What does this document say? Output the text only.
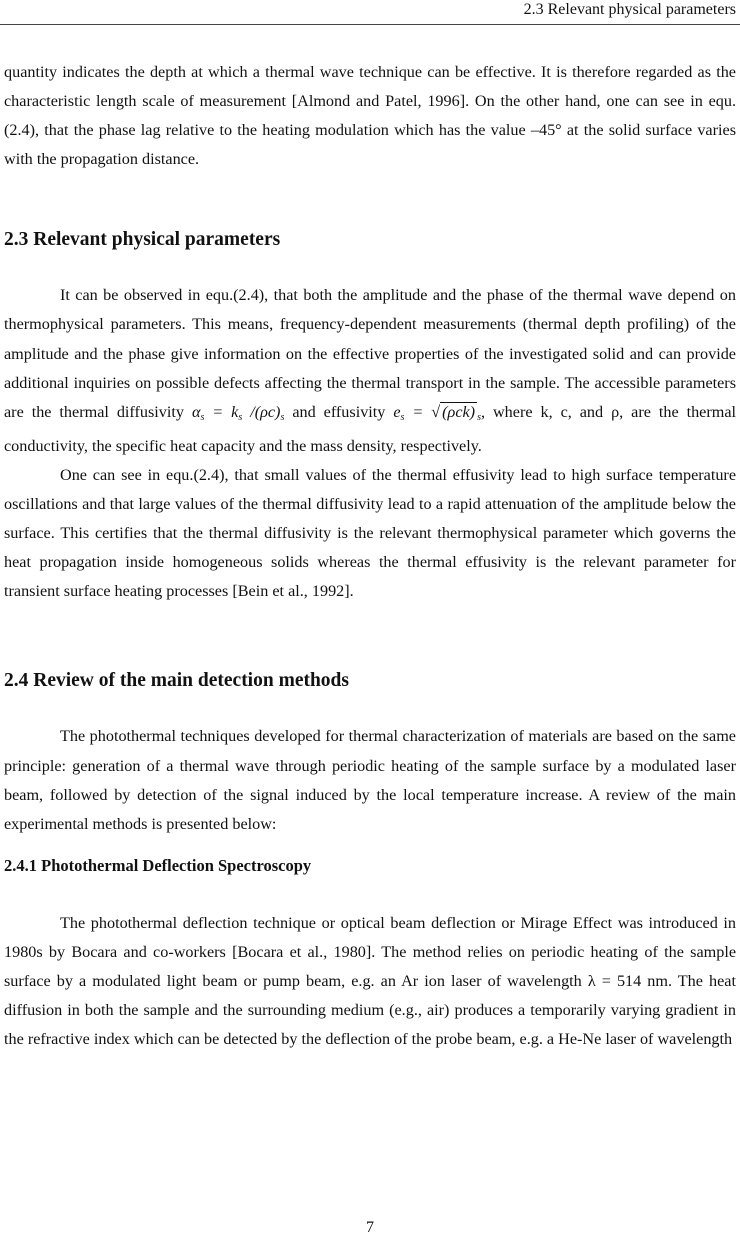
2.3 Relevant physical parameters

quantity indicates the depth at which a thermal wave technique can be effective. It is therefore regarded as the characteristic length scale of measurement [Almond and Patel, 1996]. On the other hand, one can see in equ.(2.4), that the phase lag relative to the heating modulation which has the value –45° at the solid surface varies with the propagation distance.

2.3 Relevant physical parameters

It can be observed in equ.(2.4), that both the amplitude and the phase of the thermal wave depend on thermophysical parameters. This means, frequency-dependent measurements (thermal depth profiling) of the amplitude and the phase give information on the effective properties of the investigated solid and can provide additional inquiries on possible defects affecting the thermal transport in the sample. The accessible parameters are the thermal diffusivity $\alpha_s = k_s$ $/(\rho c)_s$ and effusivity $e_s$ = √ (ρck) $_s$, where k, c, and ρ, are the thermal conductivity, the specific heat capacity and the mass density, respectively.

One can see in equ.(2.4), that small values of the thermal effusivity lead to high surface temperature oscillations and that large values of the thermal diffusivity lead to a rapid attenuation of the amplitude below the surface. This certifies that the thermal diffusivity is the relevant thermophysical parameter which governs the heat propagation inside homogeneous solids whereas the thermal effusivity is the relevant parameter for transient surface heating processes [Bein et al., 1992].

2.4 Review of the main detection methods

The photothermal techniques developed for thermal characterization of materials are based on the same principle: generation of a thermal wave through periodic heating of the sample surface by a modulated laser beam, followed by detection of the signal induced by the local temperature increase. A review of the main experimental methods is presented below:

2.4.1 Photothermal Deflection Spectroscopy

The photothermal deflection technique or optical beam deflection or Mirage Effect was introduced in 1980s by Bocara and co-workers [Bocara et al., 1980]. The method relies on periodic heating of the sample surface by a modulated light beam or pump beam, e.g. an Ar ion laser of wavelength λ = 514 nm. The heat diffusion in both the sample and the surrounding medium (e.g., air) produces a temporarily varying gradient in the refractive index which can be detected by the deflection of the probe beam, e.g. a He-Ne laser of wavelength

7
